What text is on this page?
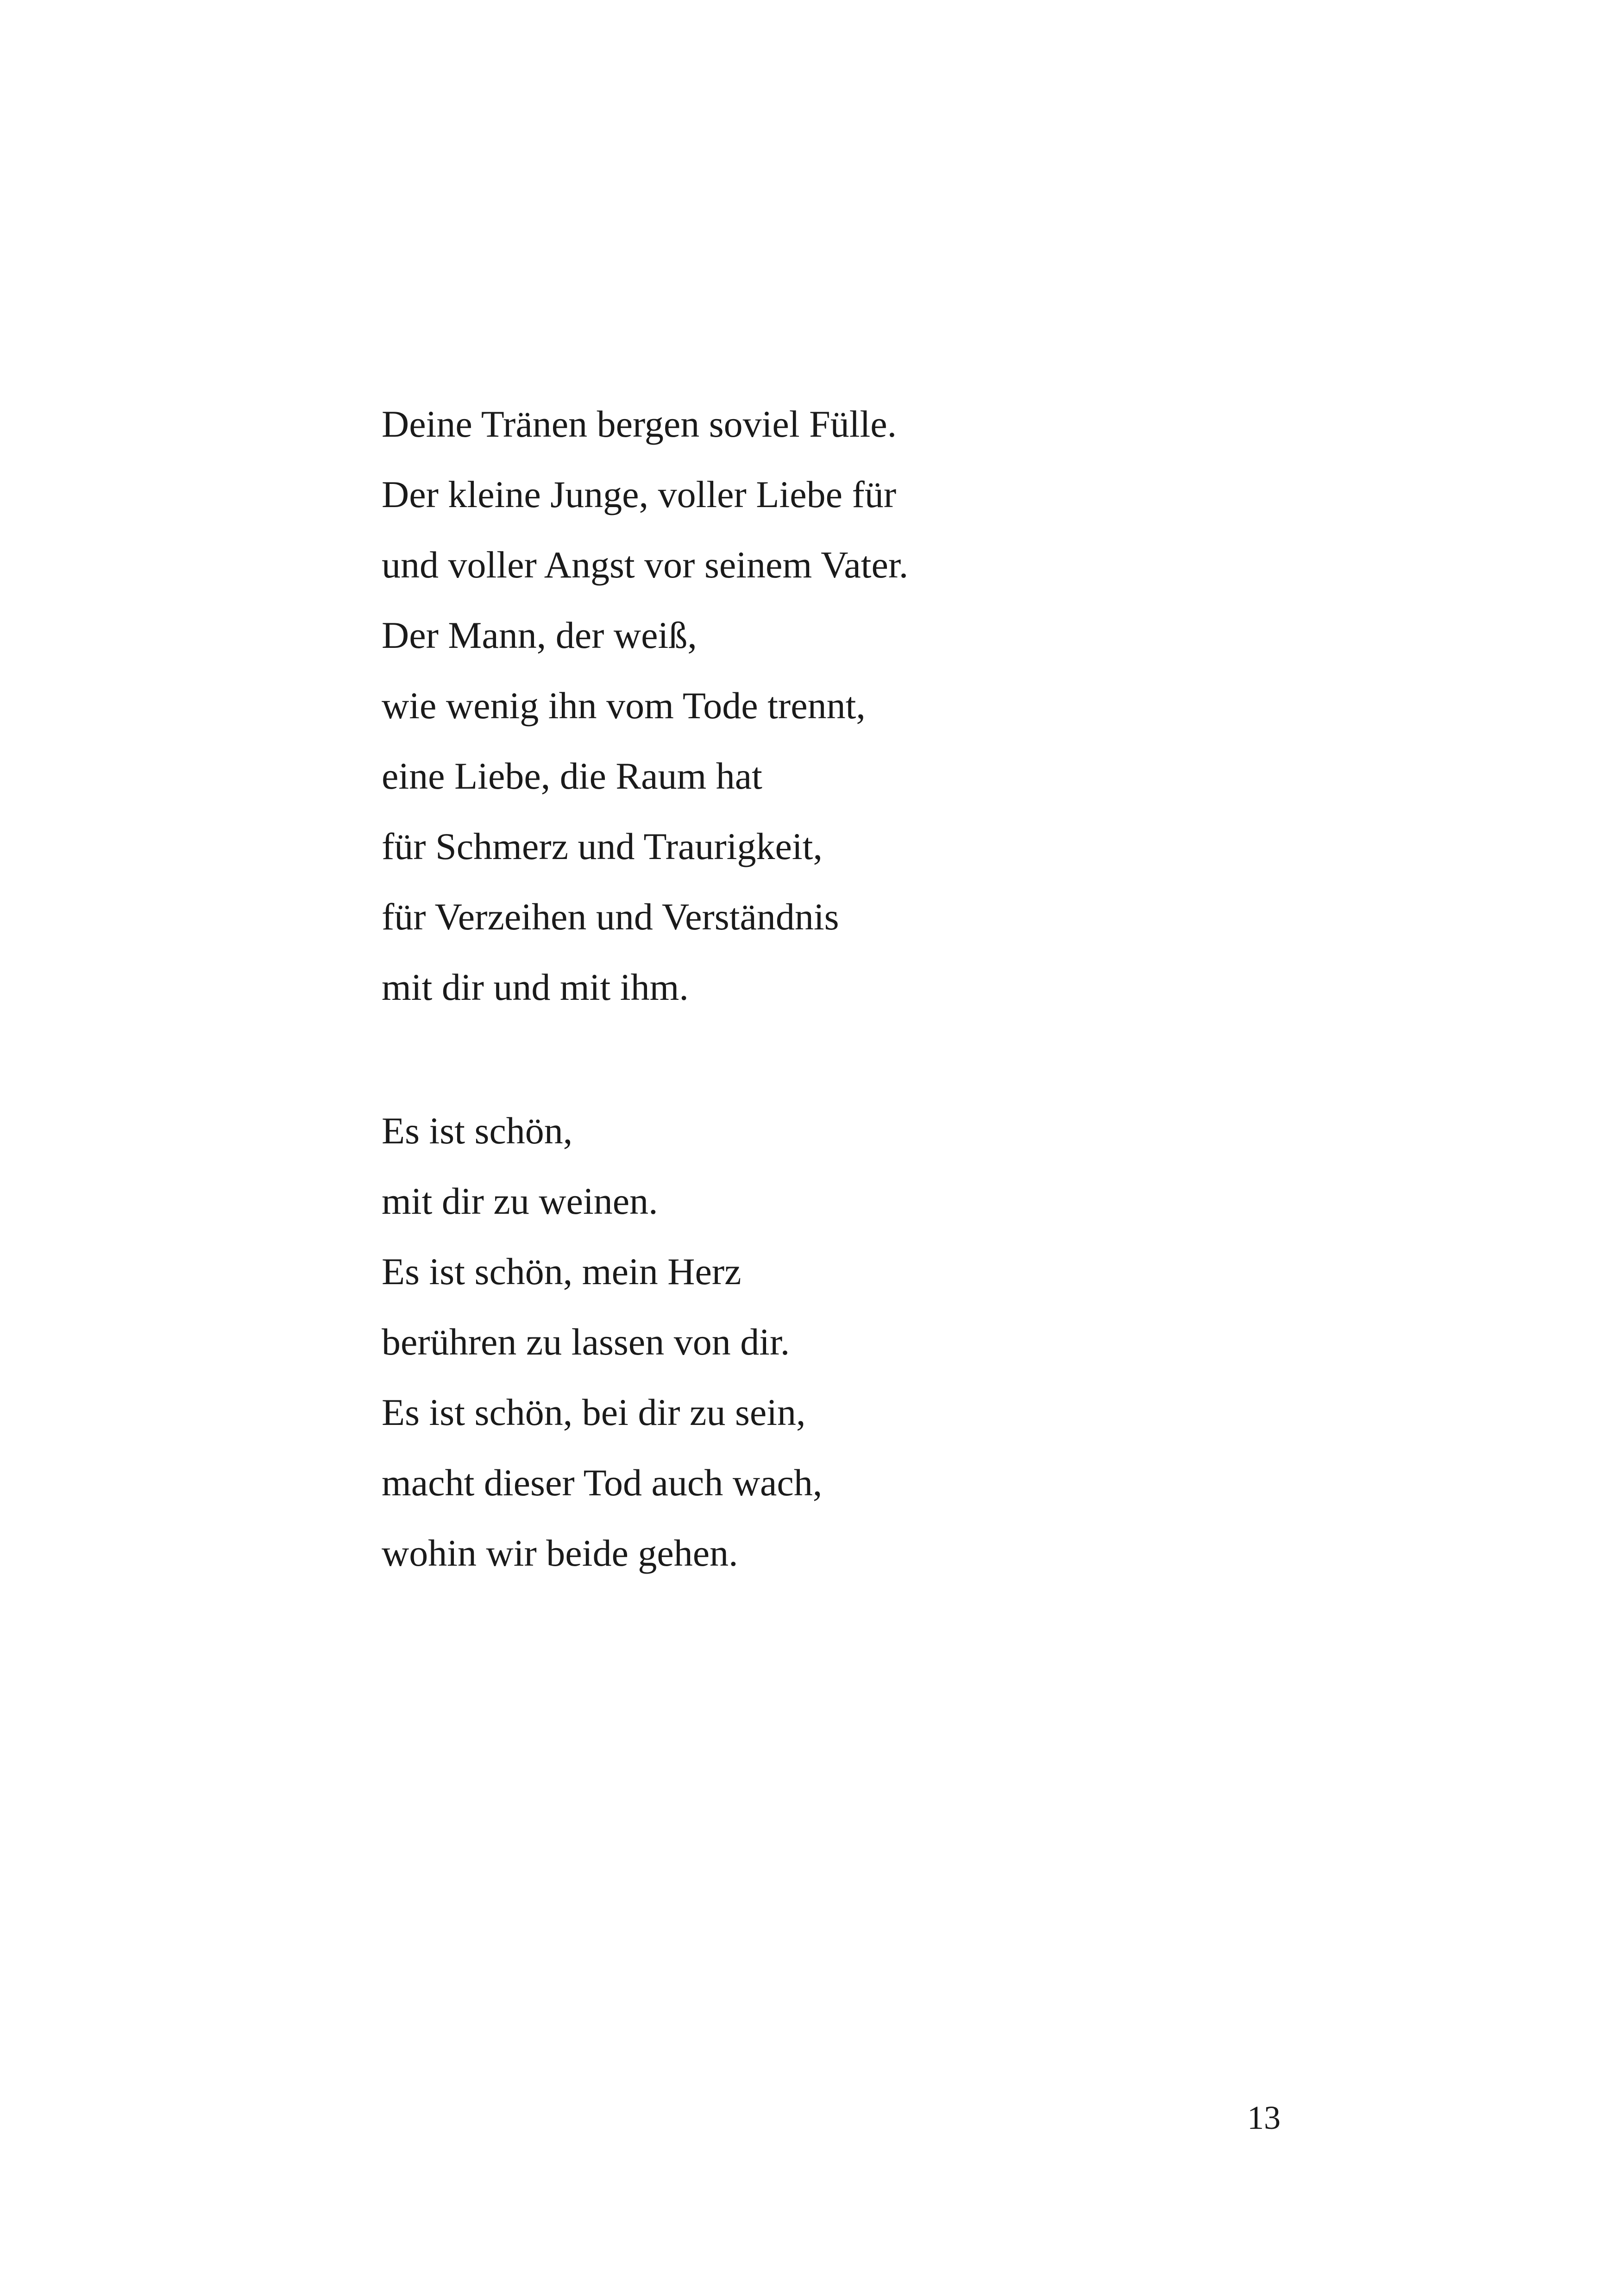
Deine Tränen bergen soviel Fülle.
Der kleine Junge, voller Liebe für
und voller Angst vor seinem Vater.
Der Mann, der weiß,
wie wenig ihn vom Tode trennt,
eine Liebe, die Raum hat
für Schmerz und Traurigkeit,
für Verzeihen und Verständnis
mit dir und mit ihm.
Es ist schön,
mit dir zu weinen.
Es ist schön, mein Herz
berühren zu lassen von dir.
Es ist schön, bei dir zu sein,
macht dieser Tod auch wach,
wohin wir beide gehen.
13
